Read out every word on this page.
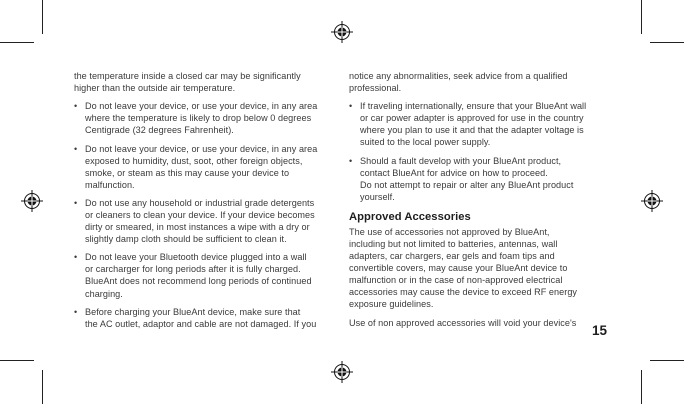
the temperature inside a closed car may be significantly
higher than the outside air temperature.

• Do not leave your device, or use your device, in any area
where the temperature is likely to drop below 0 degrees
Centigrade (32 degrees Fahrenheit).
• Do not leave your device, or use your device, in any area
exposed to humidity, dust, soot, other foreign objects,
smoke, or steam as this may cause your device to
malfunction.
• Do not use any household or industrial grade detergents
or cleaners to clean your device. If your device becomes
dirty or smeared, in most instances a wipe with a dry or
slightly damp cloth should be sufficient to clean it.
• Do not leave your Bluetooth device plugged into a wall
or carcharger for long periods after it is fully charged.
BlueAnt does not recommend long periods of continued
charging.
• Before charging your BlueAnt device, make sure that
the AC outlet, adaptor and cable are not damaged. If you

notice any abnormalities, seek advice from a qualified
professional.

• If traveling internationally, ensure that your BlueAnt wall
or car power adapter is approved for use in the country
where you plan to use it and that the adapter voltage is
suited to the local power supply.
• Should a fault develop with your BlueAnt product,
contact BlueAnt for advice on how to proceed.
Do not attempt to repair or alter any BlueAnt product
yourself.
Approved Accessories

The use of accessories not approved by BlueAnt,
including but not limited to batteries, antennas, wall
adapters, car chargers, ear gels and foam tips and
convertible covers, may cause your BlueAnt device to
malfunction or in the case of non-approved electrical
accessories may cause the device to exceed RF energy
exposure guidelines.

Use of non approved accessories will void your device's	15
